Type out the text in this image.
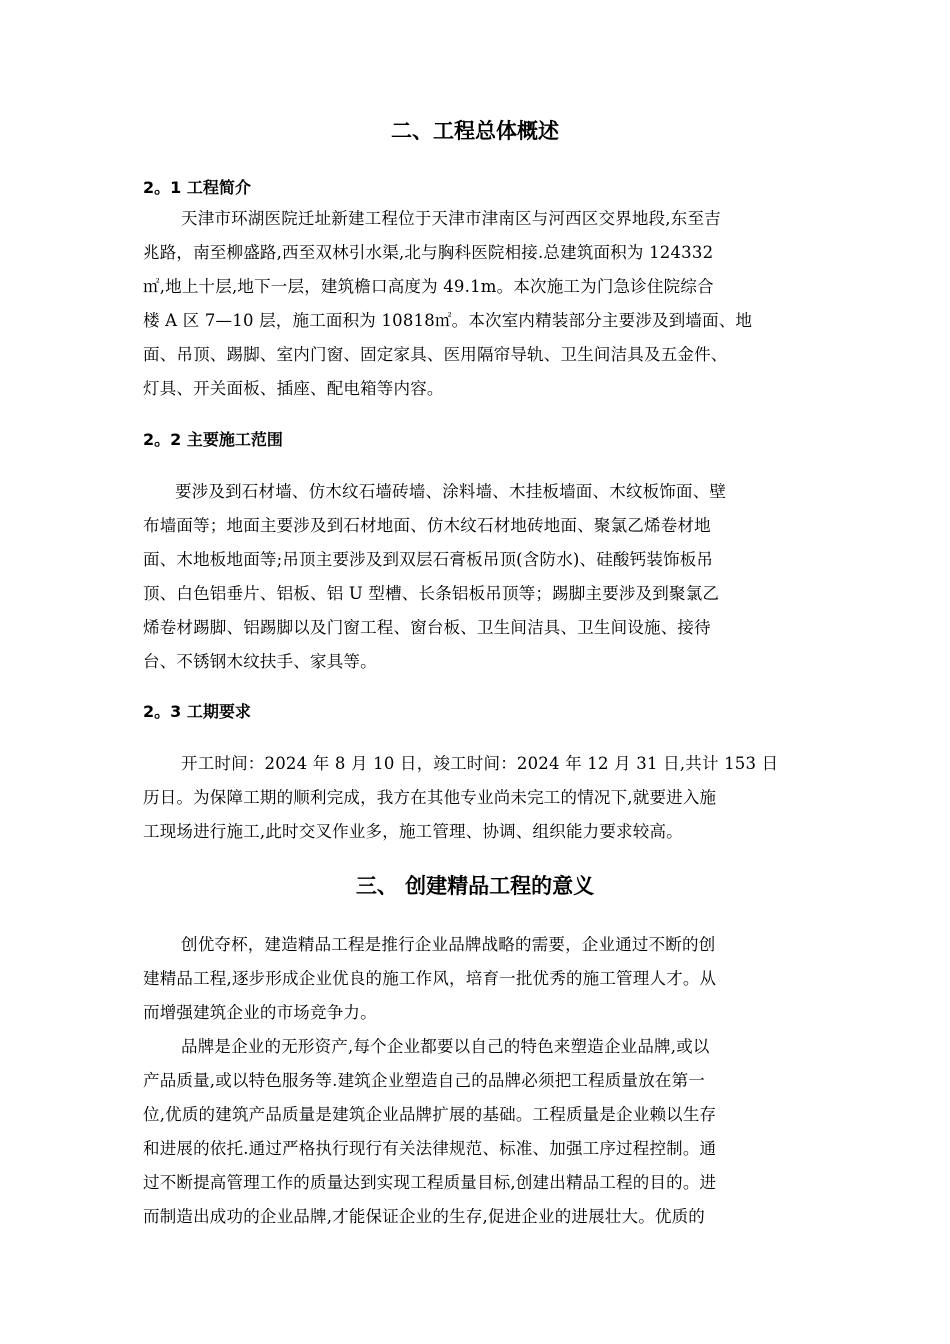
二、工程总体概述
2。1 工程简介
天津市环湖医院迁址新建工程位于天津市津南区与河西区交界地段,东至吉
兆路，南至柳盛路,西至双林引水渠,北与胸科医院相接.总建筑面积为 124332
㎡,地上十层,地下一层，建筑檐口高度为 49.1m。本次施工为门急诊住院综合
楼 A 区 7—10 层，施工面积为 10818㎡。本次室内精装部分主要涉及到墙面、地
面、吊顶、踢脚、室内门窗、固定家具、医用隔帘导轨、卫生间洁具及五金件、
灯具、开关面板、插座、配电箱等内容。
2。2 主要施工范围
要涉及到石材墙、仿木纹石墙砖墙、涂料墙、木挂板墙面、木纹板饰面、壁
布墙面等；地面主要涉及到石材地面、仿木纹石材地砖地面、聚氯乙烯卷材地
面、木地板地面等;吊顶主要涉及到双层石膏板吊顶(含防水)、硅酸钙装饰板吊
顶、白色铝垂片、铝板、铝 U 型槽、长条铝板吊顶等；踢脚主要涉及到聚氯乙
烯卷材踢脚、铝踢脚以及门窗工程、窗台板、卫生间洁具、卫生间设施、接待
台、不锈钢木纹扶手、家具等。
2。3 工期要求
开工时间：2024 年 8 月 10 日，竣工时间：2024 年 12 月 31 日,共计 153 日
历日。为保障工期的顺利完成，我方在其他专业尚未完工的情况下,就要进入施
工现场进行施工,此时交叉作业多，施工管理、协调、组织能力要求较高。
三、 创建精品工程的意义
创优夺杯，建造精品工程是推行企业品牌战略的需要，企业通过不断的创
建精品工程,逐步形成企业优良的施工作风，培育一批优秀的施工管理人才。从
而增强建筑企业的市场竞争力。
品牌是企业的无形资产,每个企业都要以自己的特色来塑造企业品牌,或以
产品质量,或以特色服务等.建筑企业塑造自己的品牌必须把工程质量放在第一
位,优质的建筑产品质量是建筑企业品牌扩展的基础。工程质量是企业赖以生存
和进展的依托.通过严格执行现行有关法律规范、标准、加强工序过程控制。通
过不断提高管理工作的质量达到实现工程质量目标,创建出精品工程的目的。进
而制造出成功的企业品牌,才能保证企业的生存,促进企业的进展壮大。优质的
